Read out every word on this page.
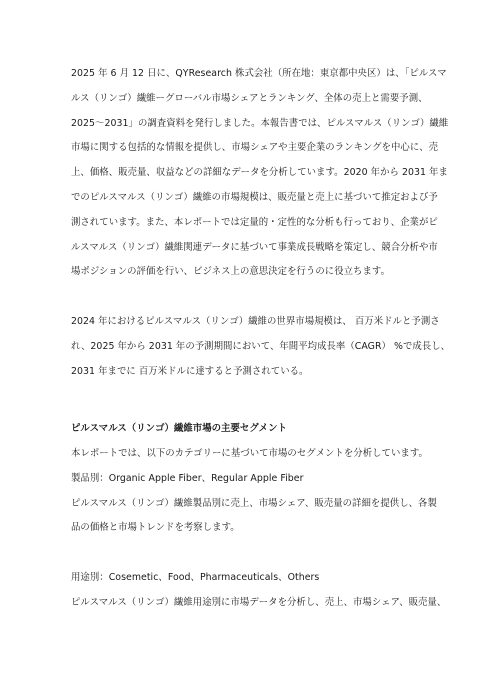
2025 年 6 月 12 日に、QYResearch 株式会社（所在地：東京都中央区）は、「ピルスマ
ルス（リンゴ）繊維ーグローバル市場シェアとランキング、全体の売上と需要予測、
2025～2031」の調査資料を発行しました。本報告書では、ピルスマルス（リンゴ）繊維
市場に関する包括的な情報を提供し、市場シェアや主要企業のランキングを中心に、売
上、価格、販売量、収益などの詳細なデータを分析しています。2020 年から 2031 年ま
でのピルスマルス（リンゴ）繊維の市場規模は、販売量と売上に基づいて推定および予
測されています。また、本レポートでは定量的・定性的な分析も行っており、企業がピ
ルスマルス（リンゴ）繊維関連データに基づいて事業成長戦略を策定し、競合分析や市
場ポジションの評価を行い、ビジネス上の意思決定を行うのに役立ちます。
2024 年におけるピルスマルス（リンゴ）繊維の世界市場規模は、 百万米ドルと予測さ
れ、2025 年から 2031 年の予測期間において、年間平均成長率（CAGR） %で成長し、
2031 年までに 百万米ドルに達すると予測されている。
ピルスマルス（リンゴ）繊維市場の主要セグメント
本レポートでは、以下のカテゴリーに基づいて市場のセグメントを分析しています。
製品別：Organic Apple Fiber、Regular Apple Fiber
ピルスマルス（リンゴ）繊維製品別に売上、市場シェア、販売量の詳細を提供し、各製
品の価格と市場トレンドを考察します。
用途別：Cosemetic、Food、Pharmaceuticals、Others
ピルスマルス（リンゴ）繊維用途別に市場データを分析し、売上、市場シェア、販売量、
